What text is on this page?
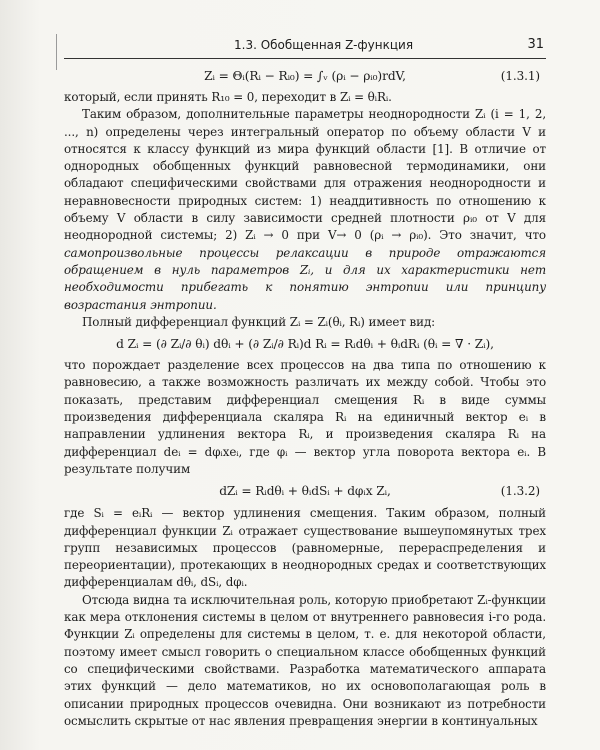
1.3. Обобщенная Z-функция	31
Zᵢ = Θᵢ(Rᵢ − Rᵢ₀) = ∫ᵥ (ρᵢ − ρᵢ₀)rdV,	(1.3.1)

который, если принять R₁₀ = 0, переходит в Zᵢ = θᵢRᵢ.

Таким образом, дополнительные параметры неоднородности Zᵢ (i = 1, 2, ..., n) определены через интегральный оператор по объему области V и относятся к классу функций из мира функций области [1]. В отличие от однородных обобщенных функций равновесной термодинамики, они обладают специфическими свойствами для отражения неоднородности и неравновесности природных систем: 1) неаддитивность по отношению к объему V области в силу зависимости средней плотности ρᵢ₀ от V для неоднородной системы; 2) Zᵢ → 0 при V→ 0 (ρᵢ → ρᵢ₀). Это значит, что самопроизвольные процессы релаксации в природе отражаются обращением в нуль параметров Zᵢ, и для их характеристики нет необходимости прибегать к понятию энтропии или принципу возрастания энтропии.

Полный дифференциал функций Zᵢ = Zᵢ(θᵢ, Rᵢ) имеет вид:

d Zᵢ = (∂ Zᵢ/∂ θᵢ) dθᵢ + (∂ Zᵢ/∂ Rᵢ)d Rᵢ = Rᵢdθᵢ + θᵢdRᵢ (θᵢ = ∇ · Zᵢ),

что порождает разделение всех процессов на два типа по отношению к равновесию, а также возможность различать их между собой. Чтобы это показать, представим дифференциал смещения Rᵢ в виде суммы произведения дифференциала скаляра Rᵢ на единичный вектор eᵢ в направлении удлинения вектора Rᵢ, и произведения скаляра Rᵢ на дифференциал deᵢ = dφᵢxeᵢ, где φᵢ — вектор угла поворота вектора eᵢ. В результате получим

dZᵢ = Rᵢdθᵢ + θᵢdSᵢ + dφᵢx Zᵢ,	(1.3.2)

где Sᵢ = eᵢRᵢ — вектор удлинения смещения. Таким образом, полный дифференциал функции Zᵢ отражает существование вышеупомянутых трех групп независимых процессов (равномерные, перераспределения и переориентации), протекающих в неоднородных средах и соответствующих дифференциалам dθᵢ, dSᵢ, dφᵢ.

Отсюда видна та исключительная роль, которую приобретают Zᵢ-функции как мера отклонения системы в целом от внутреннего равновесия i-го рода. Функции Zᵢ определены для системы в целом, т. е. для некоторой области, поэтому имеет смысл говорить о специальном классе обобщенных функций со специфическими свойствами. Разработка математического аппарата этих функций — дело математиков, но их основополагающая роль в описании природных процессов очевидна. Они возникают из потребности осмыслить скрытые от нас явления превращения энергии в континуальных
